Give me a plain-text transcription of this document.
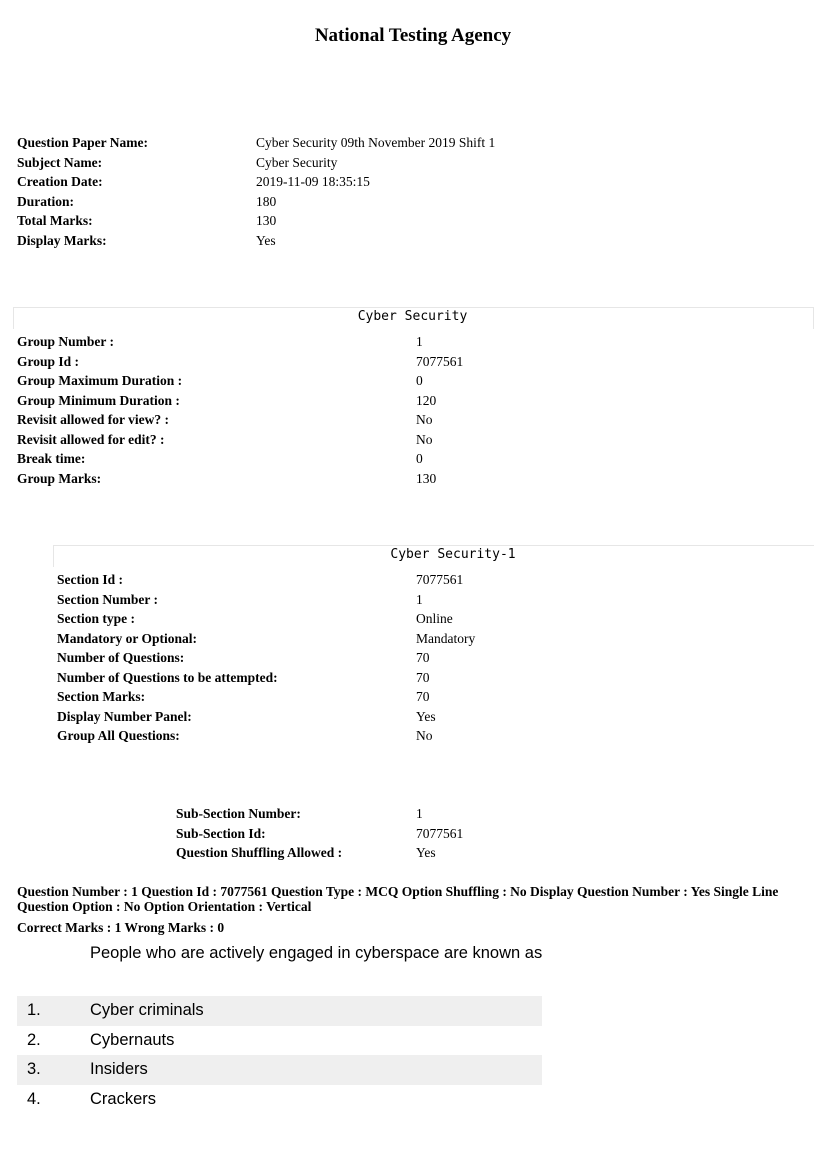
National Testing Agency
Question Paper Name:	Cyber Security 09th November 2019 Shift 1
Subject Name:	Cyber Security
Creation Date:	2019-11-09 18:35:15
Duration:	180
Total Marks:	130
Display Marks:	Yes
Cyber Security
Group Number :	1
Group Id :	7077561
Group Maximum Duration :	0
Group Minimum Duration :	120
Revisit allowed for view? :	No
Revisit allowed for edit? :	No
Break time:	0
Group Marks:	130
Cyber Security-1
Section Id :	7077561
Section Number :	1
Section type :	Online
Mandatory or Optional:	Mandatory
Number of Questions:	70
Number of Questions to be attempted:	70
Section Marks:	70
Display Number Panel:	Yes
Group All Questions:	No
Sub-Section Number:	1
Sub-Section Id:	7077561
Question Shuffling Allowed :	Yes
Question Number : 1 Question Id : 7077561 Question Type : MCQ Option Shuffling : No Display Question Number : Yes Single Line Question Option : No Option Orientation : Vertical
Correct Marks : 1 Wrong Marks : 0
People who are actively engaged in cyberspace are known as
1.	Cyber criminals
2.	Cybernauts
3.	Insiders
4.	Crackers
